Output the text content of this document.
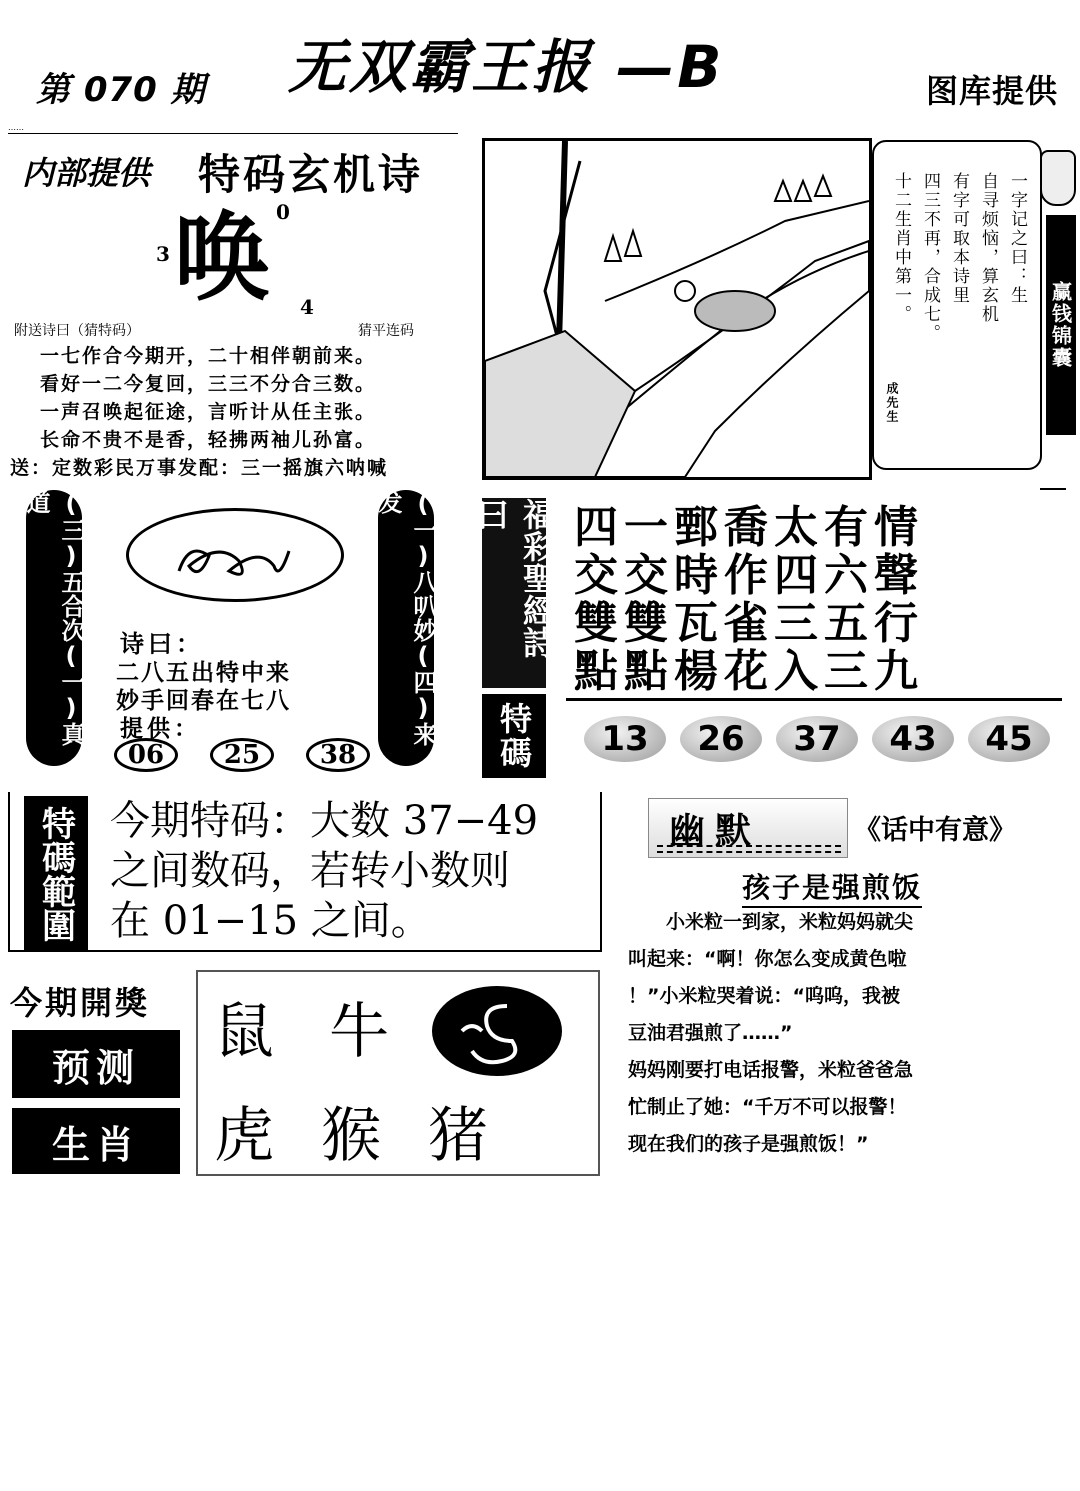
第 070 期 无双霸王报 —B	图库提供
……
内部提供 特码玄机诗
0
3 唤 4
附送诗曰（猜特码）	猜平连码
一七作合今期开，二十相伴朝前来。
看好一二今复回，三三不分合三数。
一声召唤起征途，言听计从任主张。
长命不贵不是香，轻拂两袖儿孙富。
送：定数彩民万事发配：三一摇旗六呐喊
一字记之曰：生
自寻烦恼，算玄机
有字可取本诗里
四三不再，合成七。
十二生肖中第一。
成先生
赢钱锦囊
福彩聖經詩曰
特碼
四一鄄喬太有情
交交時作四六聲
雙雙瓦雀三五行
點點楊花入三九
13	26	37	43	45
(三)五合次(一)真道	(一)八叭妙(四)来发
诗曰：
二八五出特中来
妙手回春在七八
提供：
06	25	38
特碼範圍 今期特码：大数 37−49
之间数码，若转小数则
在 01−15 之间。
幽默	《话中有意》
孩子是强煎饭
　　小米粒一到家，米粒妈妈就尖
叫起来：“啊！你怎么变成黄色啦
！”小米粒哭着说：“呜呜，我被
豆油君强煎了……”
妈妈刚要打电话报警，米粒爸爸急
忙制止了她：“千万不可以报警！
现在我们的孩子是强煎饭！”
今期開獎
预测
生肖
鼠 牛
虎 猴 猪
